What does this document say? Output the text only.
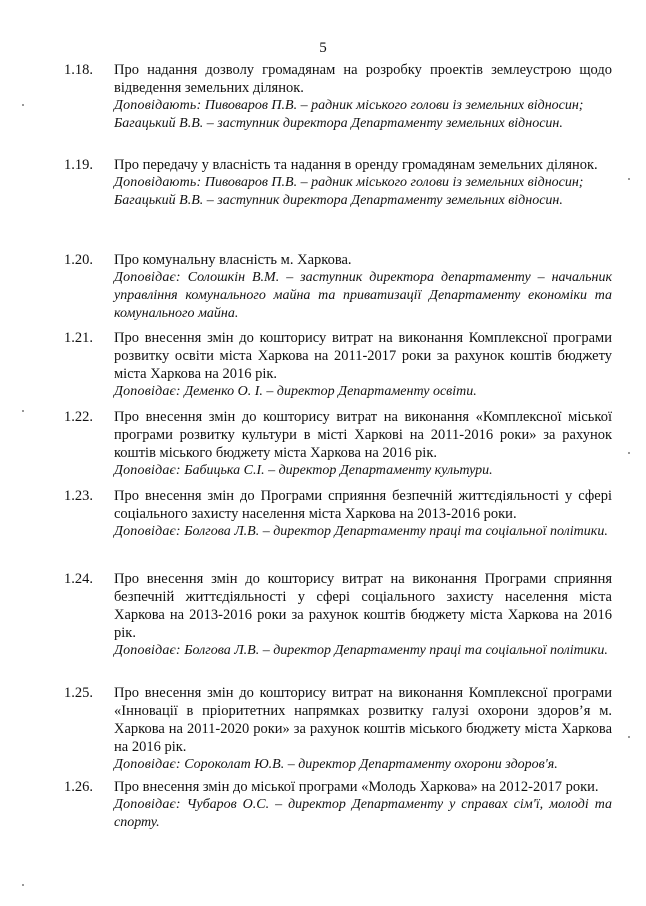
5
1.18. Про надання дозволу громадянам на розробку проектів землеустрою щодо відведення земельних ділянок.
Доповідають: Пивоваров П.В. – радник міського голови із земельних відносин;
Багацький В.В. – заступник директора Департаменту земельних відносин.
1.19. Про передачу у власність та надання в оренду громадянам земельних ділянок.
Доповідають: Пивоваров П.В. – радник міського голови із земельних відносин;
Багацький В.В. – заступник директора Департаменту земельних відносин.
1.20. Про комунальну власність м. Харкова.
Доповідає: Солошкін В.М. – заступник директора департаменту – начальник управління комунального майна та приватизації Департаменту економіки та комунального майна.
1.21. Про внесення змін до кошторису витрат на виконання Комплексної програми розвитку освіти міста Харкова на 2011-2017 роки за рахунок коштів бюджету міста Харкова на 2016 рік.
Доповідає: Деменко О. І. – директор Департаменту освіти.
1.22. Про внесення змін до кошторису витрат на виконання «Комплексної міської програми розвитку культури в місті Харкові на 2011-2016 роки» за рахунок коштів міського бюджету міста Харкова на 2016 рік.
Доповідає: Бабицька С.І. – директор Департаменту культури.
1.23. Про внесення змін до Програми сприяння безпечній життєдіяльності у сфері соціального захисту населення міста Харкова на 2013-2016 роки.
Доповідає: Болгова Л.В. – директор Департаменту праці та соціальної політики.
1.24. Про внесення змін до кошторису витрат на виконання Програми сприяння безпечній життєдіяльності у сфері соціального захисту населення міста Харкова на 2013-2016 роки за рахунок коштів бюджету міста Харкова на 2016 рік.
Доповідає: Болгова Л.В. – директор Департаменту праці та соціальної політики.
1.25. Про внесення змін до кошторису витрат на виконання Комплексної програми «Інновації в пріоритетних напрямках розвитку галузі охорони здоров’я м. Харкова на 2011-2020 роки» за рахунок коштів міського бюджету міста Харкова на 2016 рік.
Доповідає: Сороколат Ю.В. – директор Департаменту охорони здоров'я.
1.26. Про внесення змін до міської програми «Молодь Харкова» на 2012-2017 роки.
Доповідає: Чубаров О.С. – директор Департаменту у справах сім'ї, молоді та спорту.
